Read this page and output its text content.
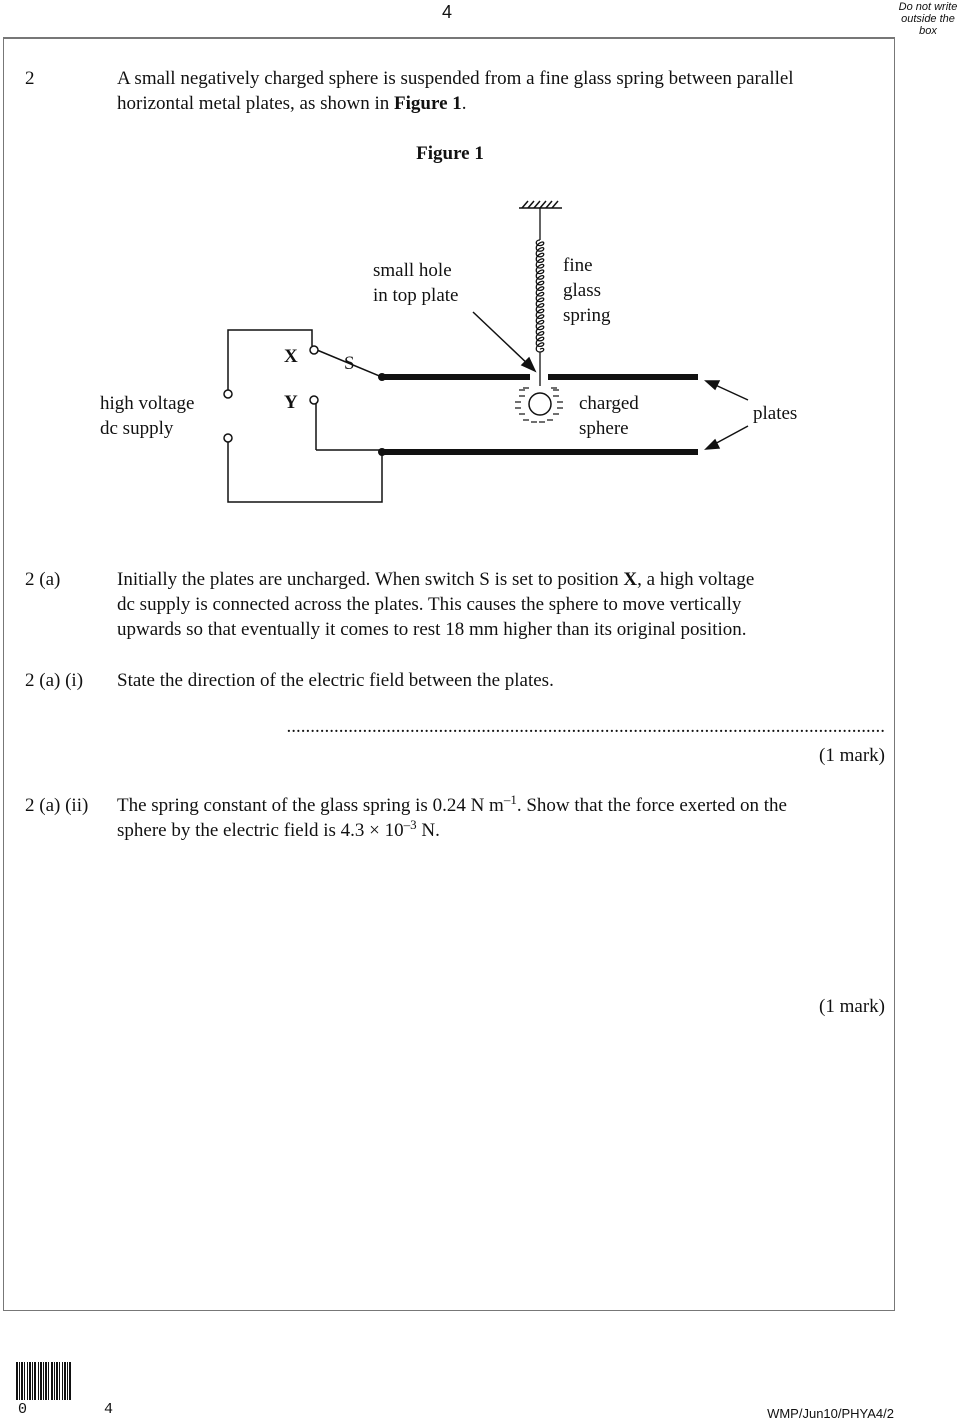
4	Do not write
outside the
box
2	A small negatively charged sphere is suspended from a fine glass spring between parallel horizontal metal plates, as shown in Figure 1.
Figure 1
small hole
in top plate
fine
glass
spring
high voltage
dc supply
charged
sphere
plates
X
Y
S
2 (a)	Initially the plates are uncharged. When switch S is set to position X, a high voltage
dc supply is connected across the plates. This causes the sphere to move vertically
upwards so that eventually it comes to rest 18 mm higher than its original position.
2 (a) (i) State the direction of the electric field between the plates.
..............................................................................................................................
(1 mark)
2 (a) (ii) The spring constant of the glass spring is 0.24 N $m^{-1}$. Show that the force exerted on the
sphere by the electric field is $4.3 \times 10^{-3}$ N.
(1 mark)
0 4	WMP/Jun10/PHYA4/2
